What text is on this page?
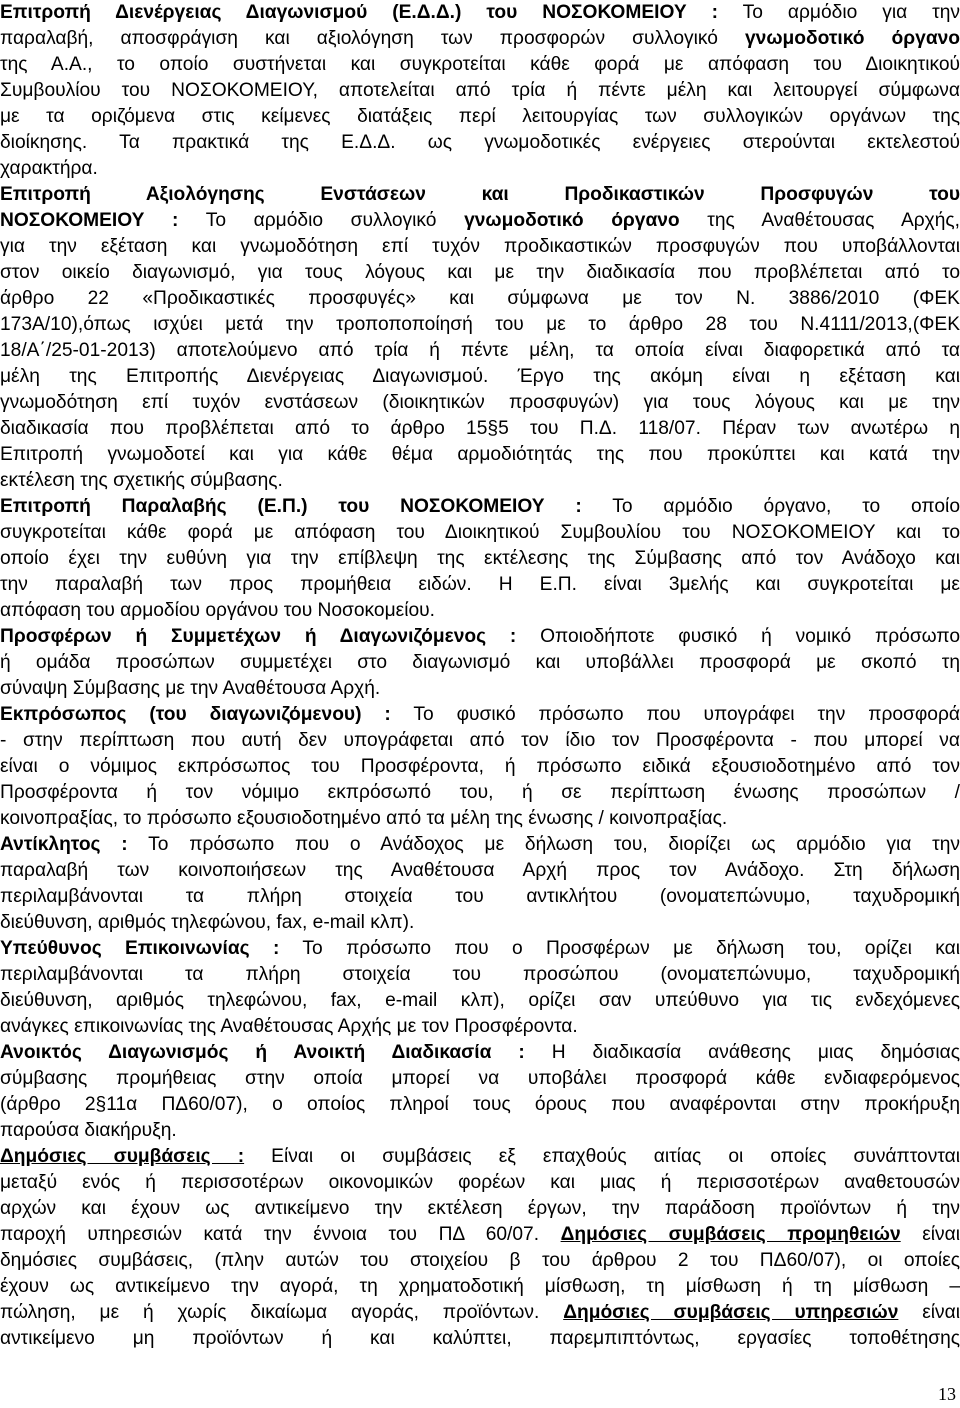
Επιτροπή Διενέργειας Διαγωνισμού (Ε.Δ.Δ.) του ΝΟΣΟΚΟΜΕΙΟΥ : Το αρμόδιο για την
παραλαβή, αποσφράγιση και αξιολόγηση των προσφορών συλλογικό γνωμοδοτικό όργανο
της Α.Α., το οποίο συστήνεται και συγκροτείται κάθε φορά με απόφαση του Διοικητικού
Συμβουλίου του ΝΟΣΟΚΟΜΕΙΟΥ, αποτελείται από τρία ή πέντε μέλη και λειτουργεί σύμφωνα
με τα οριζόμενα στις κείμενες διατάξεις περί λειτουργίας των συλλογικών οργάνων της
διοίκησης. Τα πρακτικά της Ε.Δ.Δ. ως γνωμοδοτικές ενέργειες στερούνται εκτελεστού
χαρακτήρα.
Επιτροπή Αξιολόγησης Ενστάσεων και Προδικαστικών Προσφυγών του
ΝΟΣΟΚΟΜΕΙΟΥ : Το αρμόδιο συλλογικό γνωμοδοτικό όργανο της Αναθέτουσας Αρχής,
για την εξέταση και γνωμοδότηση επί τυχόν προδικαστικών προσφυγών που υποβάλλονται
στον οικείο διαγωνισμό, για τους λόγους και με την διαδικασία που προβλέπεται από το
άρθρο 22 «Προδικαστικές προσφυγές» και σύμφωνα με τον Ν. 3886/2010 (ΦΕΚ
173Α/10),όπως ισχύει μετά την τροποποποίησή του με το άρθρο 28 του Ν.4111/2013,(ΦΕΚ
18/Α΄/25-01-2013) αποτελούμενο από τρία ή πέντε μέλη, τα οποία είναι διαφορετικά από τα
μέλη της Επιτροπής Διενέργειας Διαγωνισμού. Έργο της ακόμη είναι η εξέταση και
γνωμοδότηση επί τυχόν ενστάσεων (διοικητικών προσφυγών) για τους λόγους και με την
διαδικασία που προβλέπεται από το άρθρο 15§5 του Π.Δ. 118/07. Πέραν των ανωτέρω η
Επιτροπή γνωμοδοτεί και για κάθε θέμα αρμοδιότητάς της που προκύπτει και κατά την
εκτέλεση της σχετικής σύμβασης.
Επιτροπή Παραλαβής (Ε.Π.) του ΝΟΣΟΚΟΜΕΙΟΥ : Το αρμόδιο όργανο, το οποίο
συγκροτείται κάθε φορά με απόφαση του Διοικητικού Συμβουλίου του ΝΟΣΟΚΟΜΕΙΟΥ και το
οποίο έχει την ευθύνη για την επίβλεψη της εκτέλεσης της Σύμβασης από τον Ανάδοχο και
την παραλαβή των προς προμήθεια ειδών. Η Ε.Π. είναι 3μελής και συγκροτείται με
απόφαση του αρμοδίου οργάνου του Νοσοκομείου.
Προσφέρων ή Συμμετέχων ή Διαγωνιζόμενος : Οποιοδήποτε φυσικό ή νομικό πρόσωπο
ή ομάδα προσώπων συμμετέχει στο διαγωνισμό και υποβάλλει προσφορά με σκοπό τη
σύναψη Σύμβασης με την Αναθέτουσα Αρχή.
Εκπρόσωπος (του διαγωνιζόμενου) : Το φυσικό πρόσωπο που υπογράφει την προσφορά
- στην περίπτωση που αυτή δεν υπογράφεται από τον ίδιο τον Προσφέροντα - που μπορεί να
είναι ο νόμιμος εκπρόσωπος του Προσφέροντα, ή πρόσωπο ειδικά εξουσιοδοτημένο από τον
Προσφέροντα ή τον νόμιμο εκπρόσωπό του, ή σε περίπτωση ένωσης προσώπων /
κοινοπραξίας, το πρόσωπο εξουσιοδοτημένο από τα μέλη της ένωσης / κοινοπραξίας.
Αντίκλητος : Το πρόσωπο που ο Ανάδοχος με δήλωση του, διορίζει ως αρμόδιο για την
παραλαβή των κοινοποιήσεων της Αναθέτουσα Αρχή προς τον Ανάδοχο. Στη δήλωση
περιλαμβάνονται τα πλήρη στοιχεία του αντικλήτου (ονοματεπώνυμο, ταχυδρομική
διεύθυνση, αριθμός τηλεφώνου, fax, e-mail κλπ).
Υπεύθυνος Επικοινωνίας : Το πρόσωπο που ο Προσφέρων με δήλωση του, ορίζει και
περιλαμβάνονται τα πλήρη στοιχεία του προσώπου (ονοματεπώνυμο, ταχυδρομική
διεύθυνση, αριθμός τηλεφώνου, fax, e-mail κλπ), ορίζει σαν υπεύθυνο για τις ενδεχόμενες
ανάγκες επικοινωνίας της Αναθέτουσας Αρχής με τον Προσφέροντα.
Ανοικτός Διαγωνισμός ή Ανοικτή Διαδικασία : Η διαδικασία ανάθεσης μιας δημόσιας
σύμβασης προμήθειας στην οποία μπορεί να υποβάλει προσφορά κάθε ενδιαφερόμενος
(άρθρο 2§11α ΠΔ60/07), ο οποίος πληροί τους όρους που αναφέρονται στην προκήρυξη
παρούσα διακήρυξη.
Δημόσιες συμβάσεις : Είναι οι συμβάσεις εξ επαχθούς αιτίας οι οποίες συνάπτονται
μεταξύ ενός ή περισσοτέρων οικονομικών φορέων και μιας ή περισσοτέρων αναθετουσών
αρχών και έχουν ως αντικείμενο την εκτέλεση έργων, την παράδοση προϊόντων ή την
παροχή υπηρεσιών κατά την έννοια του ΠΔ 60/07. Δημόσιες συμβάσεις προμηθειών είναι
δημόσιες συμβάσεις, (πλην αυτών του στοιχείου β του άρθρου 2 του ΠΔ60/07), οι οποίες
έχουν ως αντικείμενο την αγορά, τη χρηματοδοτική μίσθωση, τη μίσθωση ή τη μίσθωση –
πώληση, με ή χωρίς δικαίωμα αγοράς, προϊόντων. Δημόσιες συμβάσεις υπηρεσιών είναι
αντικείμενο μη προϊόντων ή και καλύπτει, παρεμπιπτόντως, εργασίες τοποθέτησης
13
